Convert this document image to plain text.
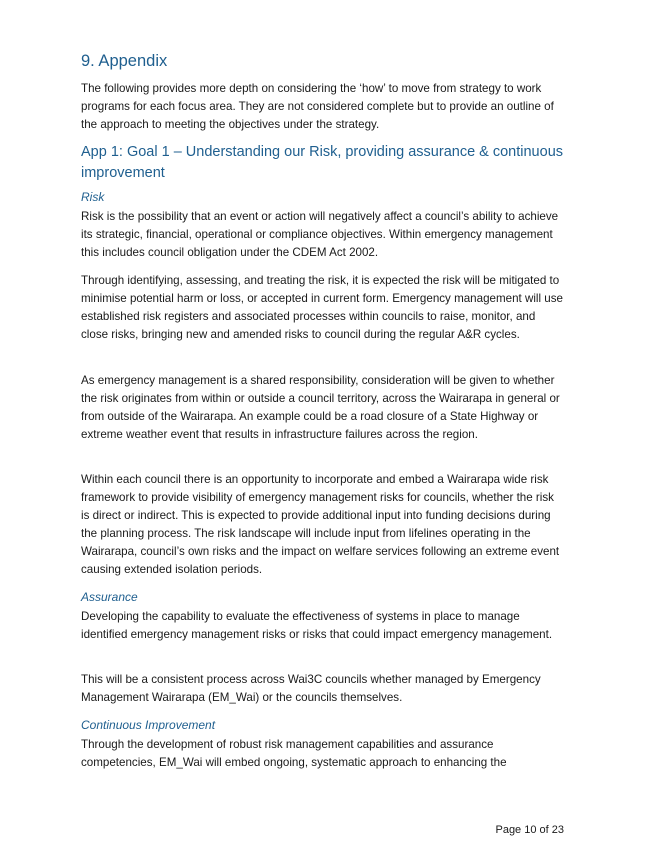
9. Appendix

The following provides more depth on considering the ‘how’ to move from strategy to work programs for each focus area. They are not considered complete but to provide an outline of the approach to meeting the objectives under the strategy.

App 1: Goal 1 – Understanding our Risk, providing assurance & continuous improvement
Risk

Risk is the possibility that an event or action will negatively affect a council’s ability to achieve its strategic, financial, operational or compliance objectives. Within emergency management this includes council obligation under the CDEM Act 2002.

Through identifying, assessing, and treating the risk, it is expected the risk will be mitigated to minimise potential harm or loss, or accepted in current form. Emergency management will use established risk registers and associated processes within councils to raise, monitor, and close risks, bringing new and amended risks to council during the regular A&R cycles.

As emergency management is a shared responsibility, consideration will be given to whether the risk originates from within or outside a council territory, across the Wairarapa in general or from outside of the Wairarapa. An example could be a road closure of a State Highway or extreme weather event that results in infrastructure failures across the region.

Within each council there is an opportunity to incorporate and embed a Wairarapa wide risk framework to provide visibility of emergency management risks for councils, whether the risk is direct or indirect. This is expected to provide additional input into funding decisions during the planning process. The risk landscape will include input from lifelines operating in the Wairarapa, council’s own risks and the impact on welfare services following an extreme event causing extended isolation periods.

Assurance

Developing the capability to evaluate the effectiveness of systems in place to manage identified emergency management risks or risks that could impact emergency management.

This will be a consistent process across Wai3C councils whether managed by Emergency Management Wairarapa (EM_Wai) or the councils themselves.

Continuous Improvement

Through the development of robust risk management capabilities and assurance competencies, EM_Wai will embed ongoing, systematic approach to enhancing the

Page 10 of 23
